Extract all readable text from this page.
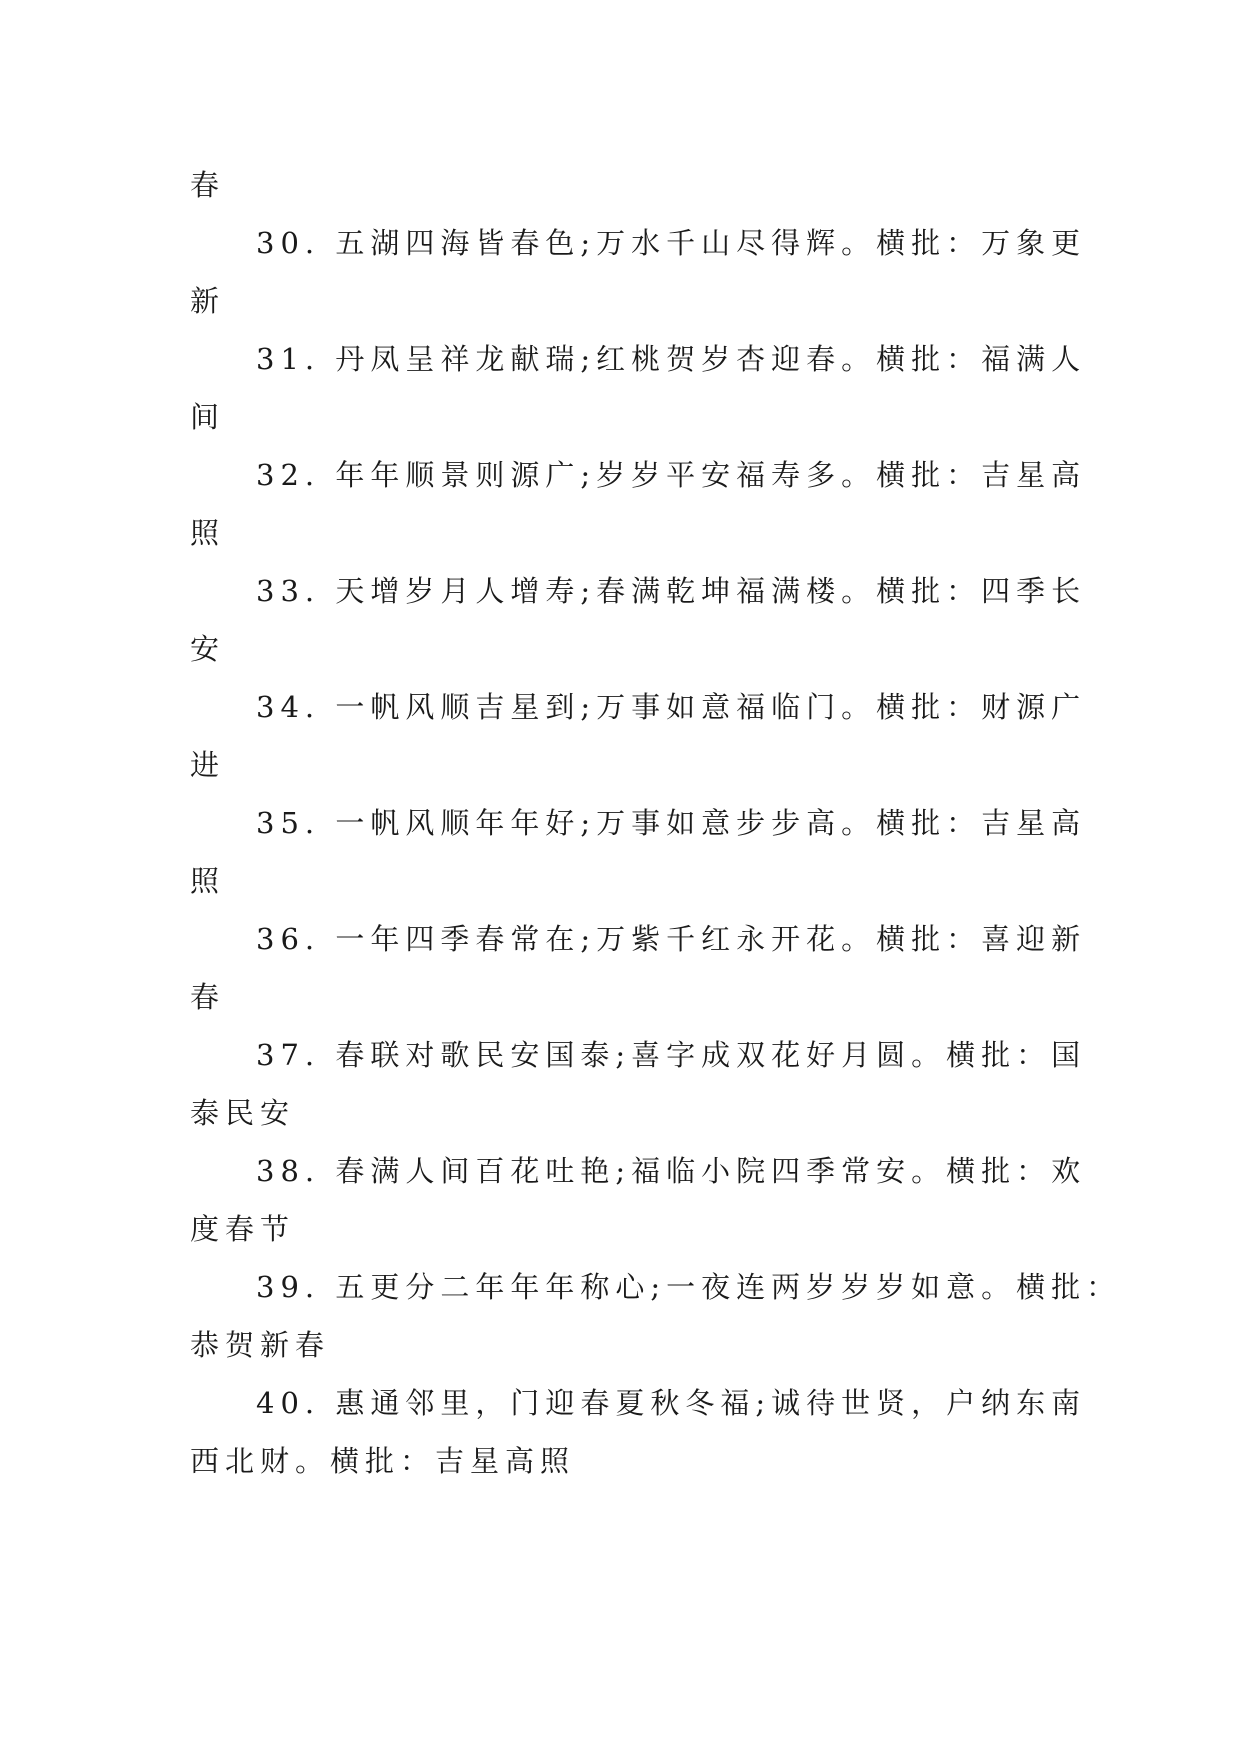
春
30. 五湖四海皆春色;万水千山尽得辉。横批：万象更
新
31. 丹凤呈祥龙献瑞;红桃贺岁杏迎春。横批：福满人
间
32. 年年顺景则源广;岁岁平安福寿多。横批：吉星高
照
33. 天增岁月人增寿;春满乾坤福满楼。横批：四季长
安
34. 一帆风顺吉星到;万事如意福临门。横批：财源广
进
35. 一帆风顺年年好;万事如意步步高。横批：吉星高
照
36. 一年四季春常在;万紫千红永开花。横批：喜迎新
春
37. 春联对歌民安国泰;喜字成双花好月圆。横批：国
泰民安
38. 春满人间百花吐艳;福临小院四季常安。横批：欢
度春节
39. 五更分二年年年称心;一夜连两岁岁岁如意。横批：
恭贺新春
40. 惠通邻里，门迎春夏秋冬福;诚待世贤，户纳东南
西北财。横批：吉星高照
